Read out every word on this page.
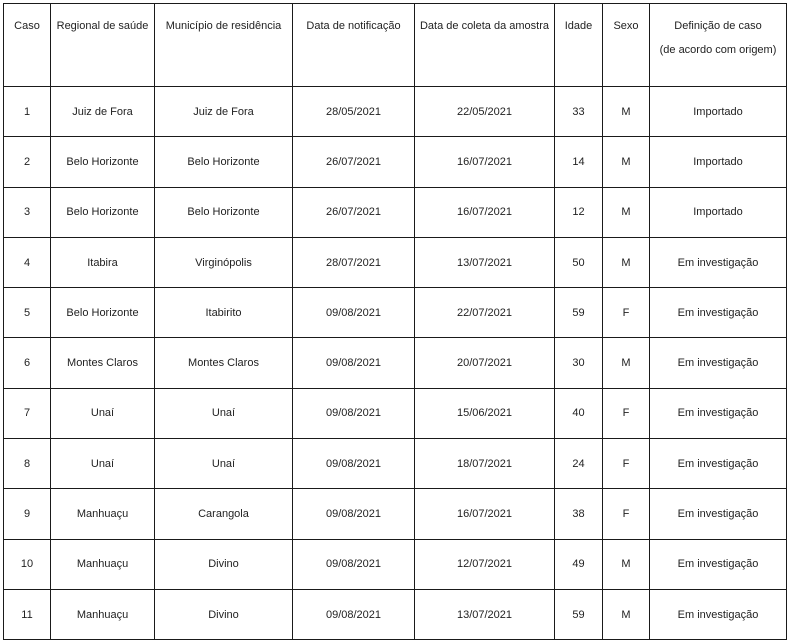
Caso	Regional de saúde	Município de residência	Data de notificação	Data de coleta da amostra	Idade	Sexo	Definição de caso
(de acordo com origem)

1	Juiz de Fora	Juiz de Fora	28/05/2021	22/05/2021	33	M	Importado
2	Belo Horizonte	Belo Horizonte	26/07/2021	16/07/2021	14	M	Importado
3	Belo Horizonte	Belo Horizonte	26/07/2021	16/07/2021	12	M	Importado
4	Itabira	Virginópolis	28/07/2021	13/07/2021	50	M	Em investigação
5	Belo Horizonte	Itabirito	09/08/2021	22/07/2021	59	F	Em investigação
6	Montes Claros	Montes Claros	09/08/2021	20/07/2021	30	M	Em investigação
7	Unaí	Unaí	09/08/2021	15/06/2021	40	F	Em investigação
8	Unaí	Unaí	09/08/2021	18/07/2021	24	F	Em investigação
9	Manhuaçu	Carangola	09/08/2021	16/07/2021	38	F	Em investigação
10	Manhuaçu	Divino	09/08/2021	12/07/2021	49	M	Em investigação
11	Manhuaçu	Divino	09/08/2021	13/07/2021	59	M	Em investigação
